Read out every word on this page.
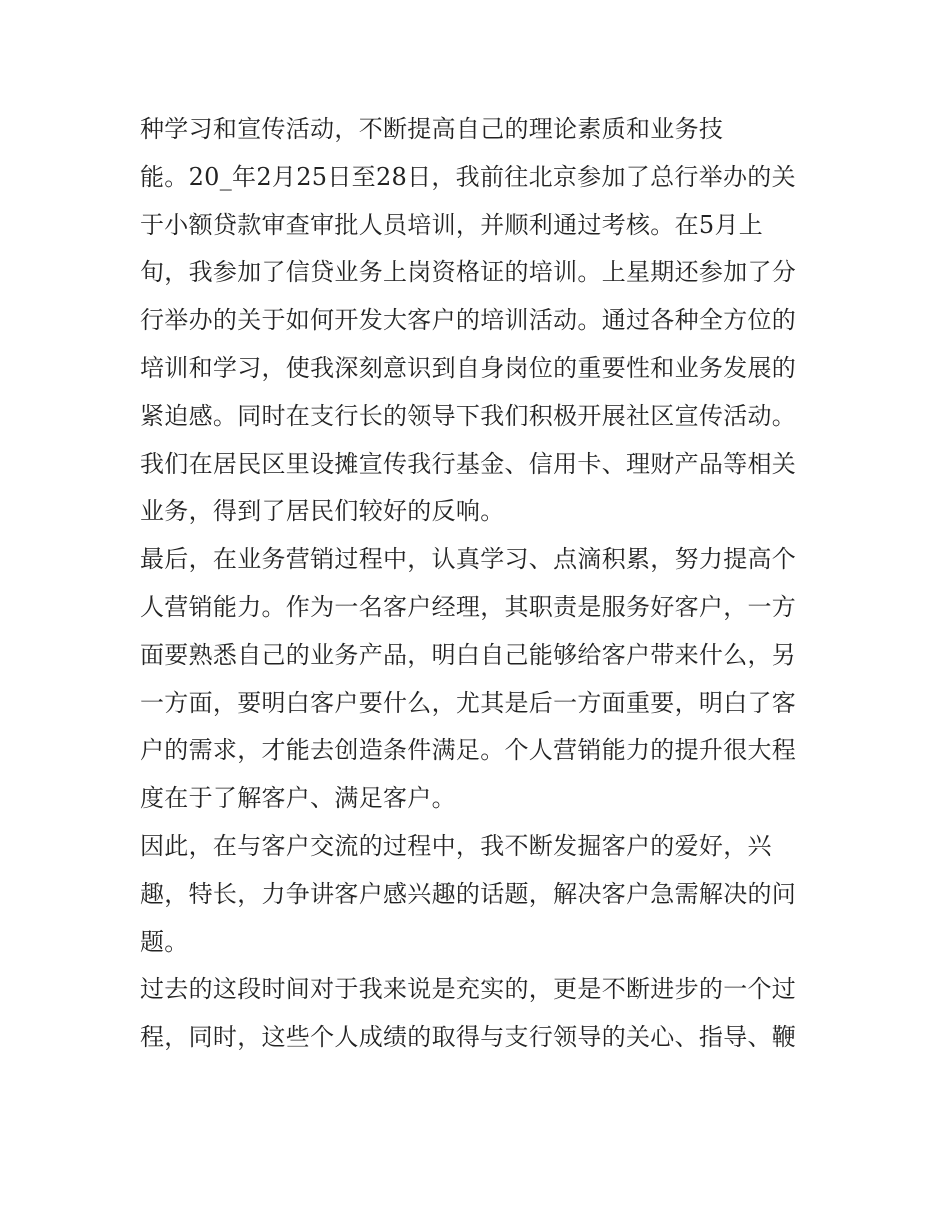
种学习和宣传活动，不断提高自己的理论素质和业务技
能。20_年2月25日至28日，我前往北京参加了总行举办的关
于小额贷款审查审批人员培训，并顺利通过考核。在5月上
旬，我参加了信贷业务上岗资格证的培训。上星期还参加了分
行举办的关于如何开发大客户的培训活动。通过各种全方位的
培训和学习，使我深刻意识到自身岗位的重要性和业务发展的
紧迫感。同时在支行长的领导下我们积极开展社区宣传活动。
我们在居民区里设摊宣传我行基金、信用卡、理财产品等相关
业务，得到了居民们较好的反响。
最后，在业务营销过程中，认真学习、点滴积累，努力提高个
人营销能力。作为一名客户经理，其职责是服务好客户，一方
面要熟悉自己的业务产品，明白自己能够给客户带来什么，另
一方面，要明白客户要什么，尤其是后一方面重要，明白了客
户的需求，才能去创造条件满足。个人营销能力的提升很大程
度在于了解客户、满足客户。
因此，在与客户交流的过程中，我不断发掘客户的爱好，兴
趣，特长，力争讲客户感兴趣的话题，解决客户急需解决的问
题。
过去的这段时间对于我来说是充实的，更是不断进步的一个过
程，同时，这些个人成绩的取得与支行领导的关心、指导、鞭
